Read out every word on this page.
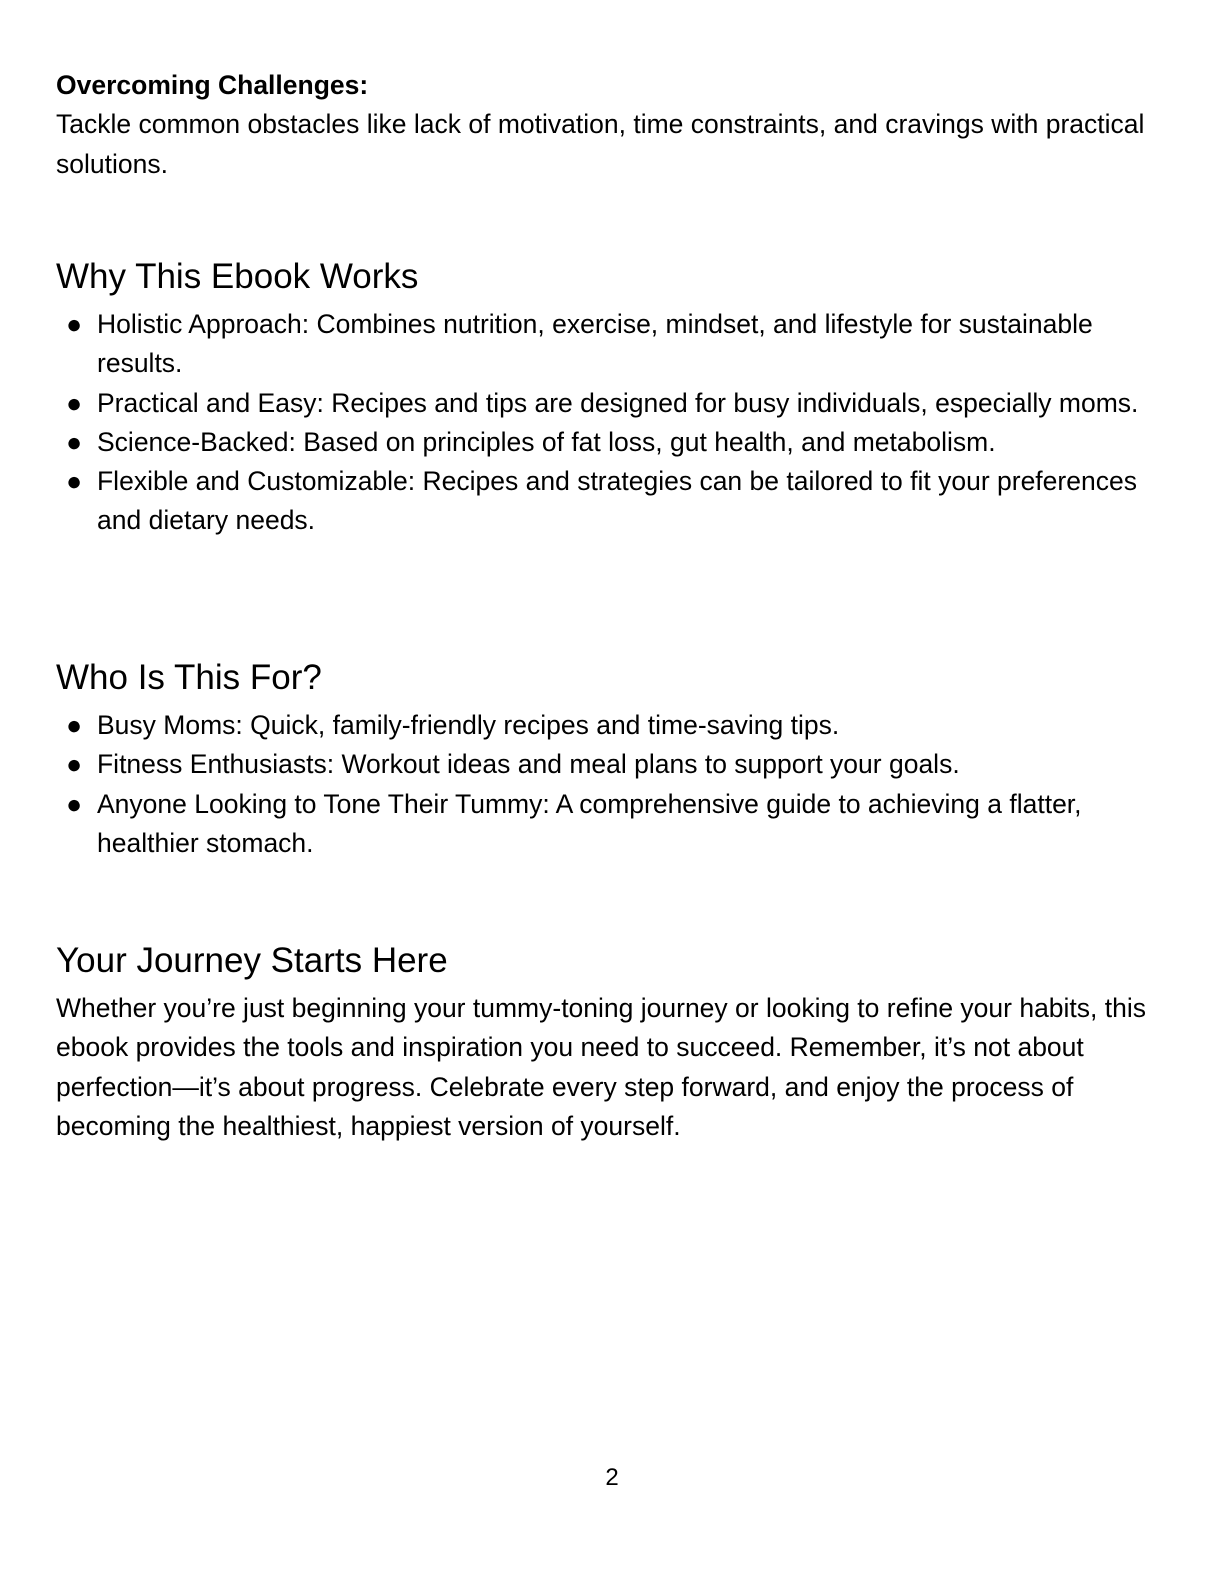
Overcoming Challenges:

Tackle common obstacles like lack of motivation, time constraints, and cravings with practical solutions.

Why This Ebook Works
● Holistic Approach: Combines nutrition, exercise, mindset, and lifestyle for sustainable results.
● Practical and Easy: Recipes and tips are designed for busy individuals, especially moms.
● Science-Backed: Based on principles of fat loss, gut health, and metabolism.
● Flexible and Customizable: Recipes and strategies can be tailored to fit your preferences and dietary needs.
Who Is This For?
● Busy Moms: Quick, family-friendly recipes and time-saving tips.
● Fitness Enthusiasts: Workout ideas and meal plans to support your goals.
● Anyone Looking to Tone Their Tummy: A comprehensive guide to achieving a flatter, healthier stomach.
Your Journey Starts Here

Whether you’re just beginning your tummy-toning journey or looking to refine your habits, this ebook provides the tools and inspiration you need to succeed. Remember, it’s not about perfection—it’s about progress. Celebrate every step forward, and enjoy the process of becoming the healthiest, happiest version of yourself.

2
